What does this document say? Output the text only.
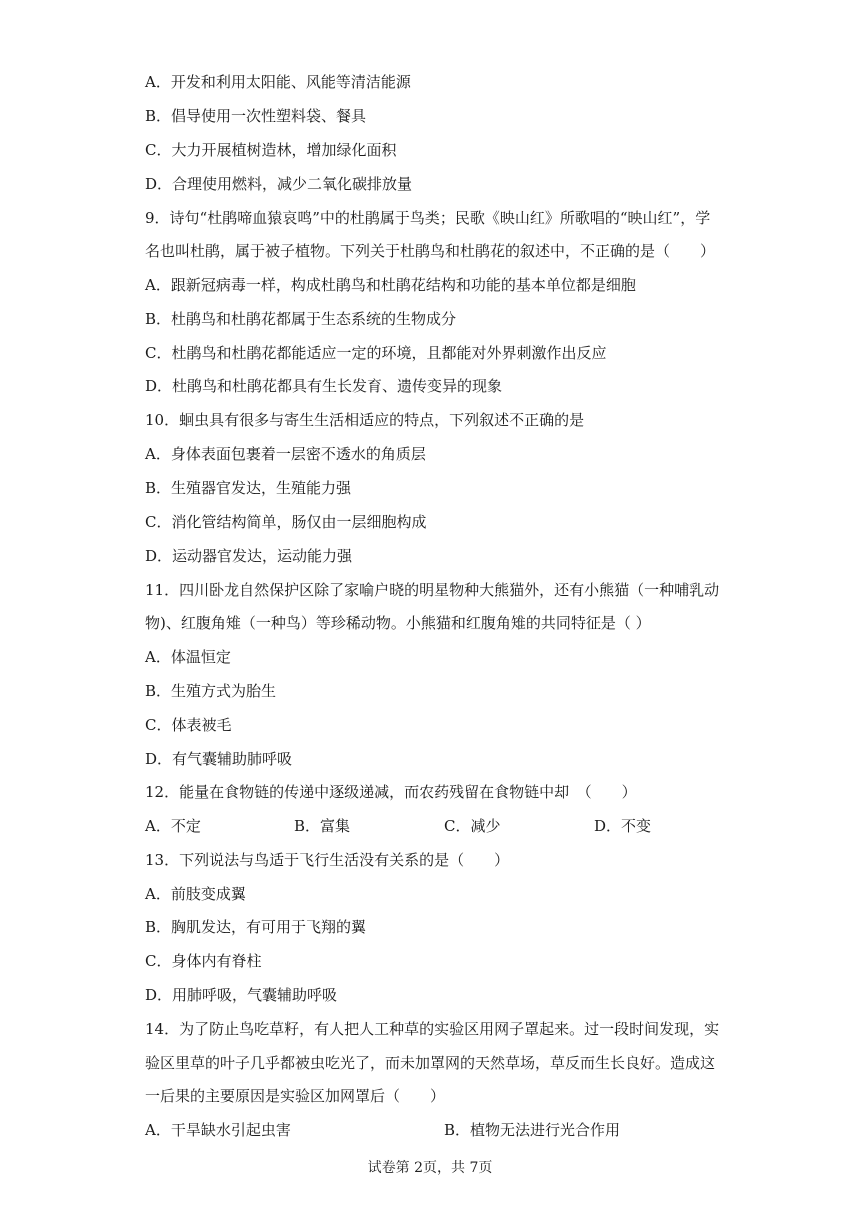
A．开发和利用太阳能、风能等清洁能源
B．倡导使用一次性塑料袋、餐具
C．大力开展植树造林，增加绿化面积
D．合理使用燃料，减少二氧化碳排放量
9．诗句“杜鹃啼血猿哀鸣”中的杜鹃属于鸟类；民歌《映山红》所歌唱的“映山红”，学
名也叫杜鹃，属于被子植物。下列关于杜鹃鸟和杜鹃花的叙述中，不正确的是（　　）
A．跟新冠病毒一样，构成杜鹃鸟和杜鹃花结构和功能的基本单位都是细胞
B．杜鹃鸟和杜鹃花都属于生态系统的生物成分
C．杜鹃鸟和杜鹃花都能适应一定的环境，且都能对外界刺激作出反应
D．杜鹃鸟和杜鹃花都具有生长发育、遗传变异的现象
10．蛔虫具有很多与寄生生活相适应的特点，下列叙述不正确的是
A．身体表面包裹着一层密不透水的角质层
B．生殖器官发达，生殖能力强
C．消化管结构简单，肠仅由一层细胞构成
D．运动器官发达，运动能力强
11．四川卧龙自然保护区除了家喻户晓的明星物种大熊猫外，还有小熊猫（一种哺乳动
物)、红腹角雉（一种鸟）等珍稀动物。小熊猫和红腹角雉的共同特征是（ ）
A．体温恒定
B．生殖方式为胎生
C．体表被毛
D．有气囊辅助肺呼吸
12．能量在食物链的传递中逐级递减，而农药残留在食物链中却　（　　）
A．不定	B．富集	C．减少	D．不变
13．下列说法与鸟适于飞行生活没有关系的是（　　）
A．前肢变成翼
B．胸肌发达，有可用于飞翔的翼
C．身体内有脊柱
D．用肺呼吸，气囊辅助呼吸
14．为了防止鸟吃草籽，有人把人工种草的实验区用网子罩起来。过一段时间发现，实
验区里草的叶子几乎都被虫吃光了，而未加罩网的天然草场，草反而生长良好。造成这
一后果的主要原因是实验区加网罩后（　　）
A．干旱缺水引起虫害	B．植物无法进行光合作用
试卷第 2页，共 7页
